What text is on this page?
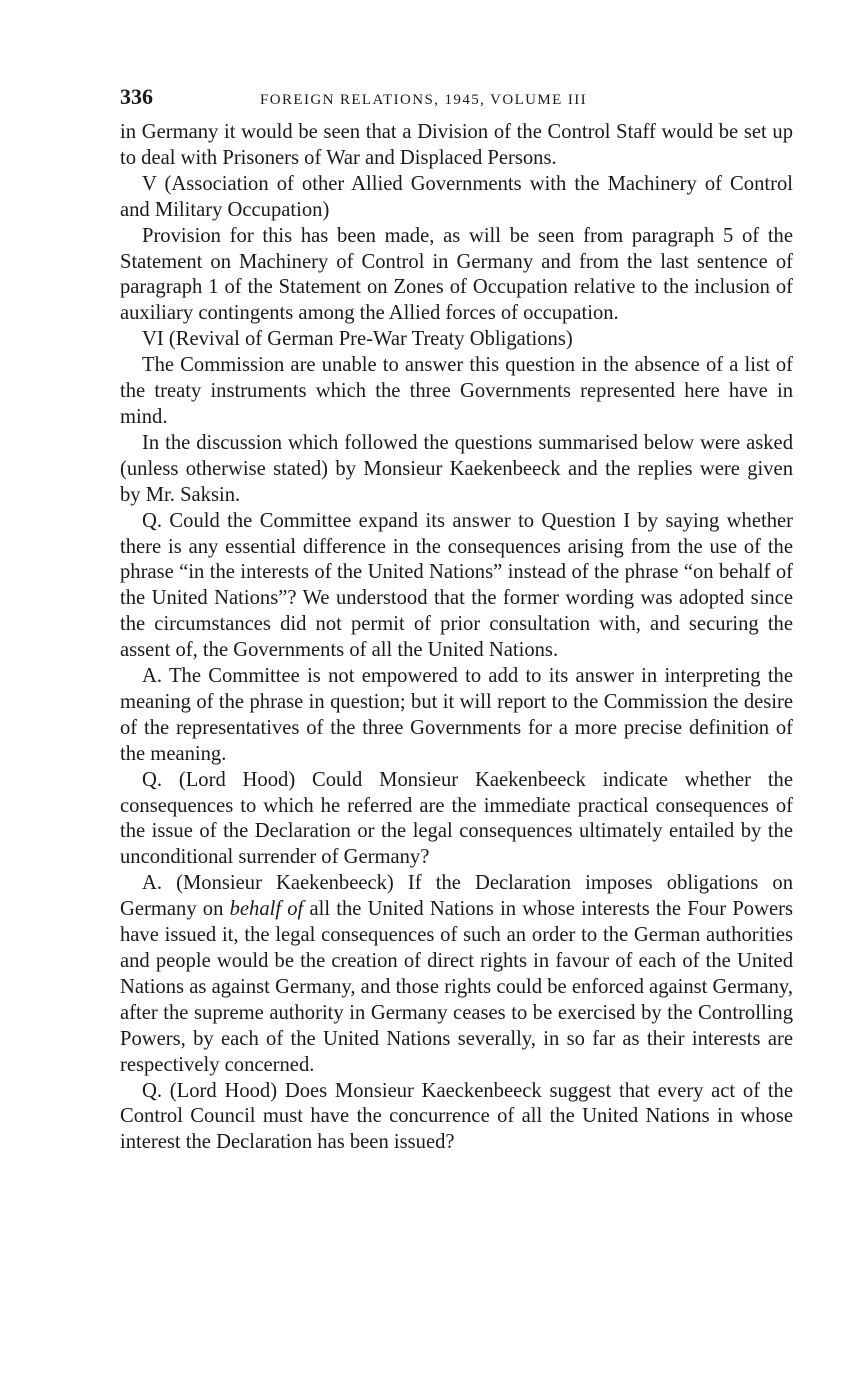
336	FOREIGN RELATIONS, 1945, VOLUME III

in Germany it would be seen that a Division of the Control Staff would be set up to deal with Prisoners of War and Displaced Persons.

V (Association of other Allied Governments with the Machinery of Control and Military Occupation)

Provision for this has been made, as will be seen from paragraph 5 of the Statement on Machinery of Control in Germany and from the last sentence of paragraph 1 of the Statement on Zones of Occupation relative to the inclusion of auxiliary contingents among the Allied forces of occupation.

VI (Revival of German Pre-War Treaty Obligations)

The Commission are unable to answer this question in the absence of a list of the treaty instruments which the three Governments represented here have in mind.

In the discussion which followed the questions summarised below were asked (unless otherwise stated) by Monsieur Kaekenbeeck and the replies were given by Mr. Saksin.

Q. Could the Committee expand its answer to Question I by saying whether there is any essential difference in the consequences arising from the use of the phrase “in the interests of the United Nations” instead of the phrase “on behalf of the United Nations”? We understood that the former wording was adopted since the circumstances did not permit of prior consultation with, and securing the assent of, the Governments of all the United Nations.

A. The Committee is not empowered to add to its answer in interpreting the meaning of the phrase in question; but it will report to the Commission the desire of the representatives of the three Governments for a more precise definition of the meaning.

Q. (Lord Hood) Could Monsieur Kaekenbeeck indicate whether the consequences to which he referred are the immediate practical consequences of the issue of the Declaration or the legal consequences ultimately entailed by the unconditional surrender of Germany?

A. (Monsieur Kaekenbeeck) If the Declaration imposes obligations on Germany on behalf of all the United Nations in whose interests the Four Powers have issued it, the legal consequences of such an order to the German authorities and people would be the creation of direct rights in favour of each of the United Nations as against Germany, and those rights could be enforced against Germany, after the supreme authority in Germany ceases to be exercised by the Controlling Powers, by each of the United Nations severally, in so far as their interests are respectively concerned.

Q. (Lord Hood) Does Monsieur Kaeckenbeeck suggest that every act of the Control Council must have the concurrence of all the United Nations in whose interest the Declaration has been issued?
